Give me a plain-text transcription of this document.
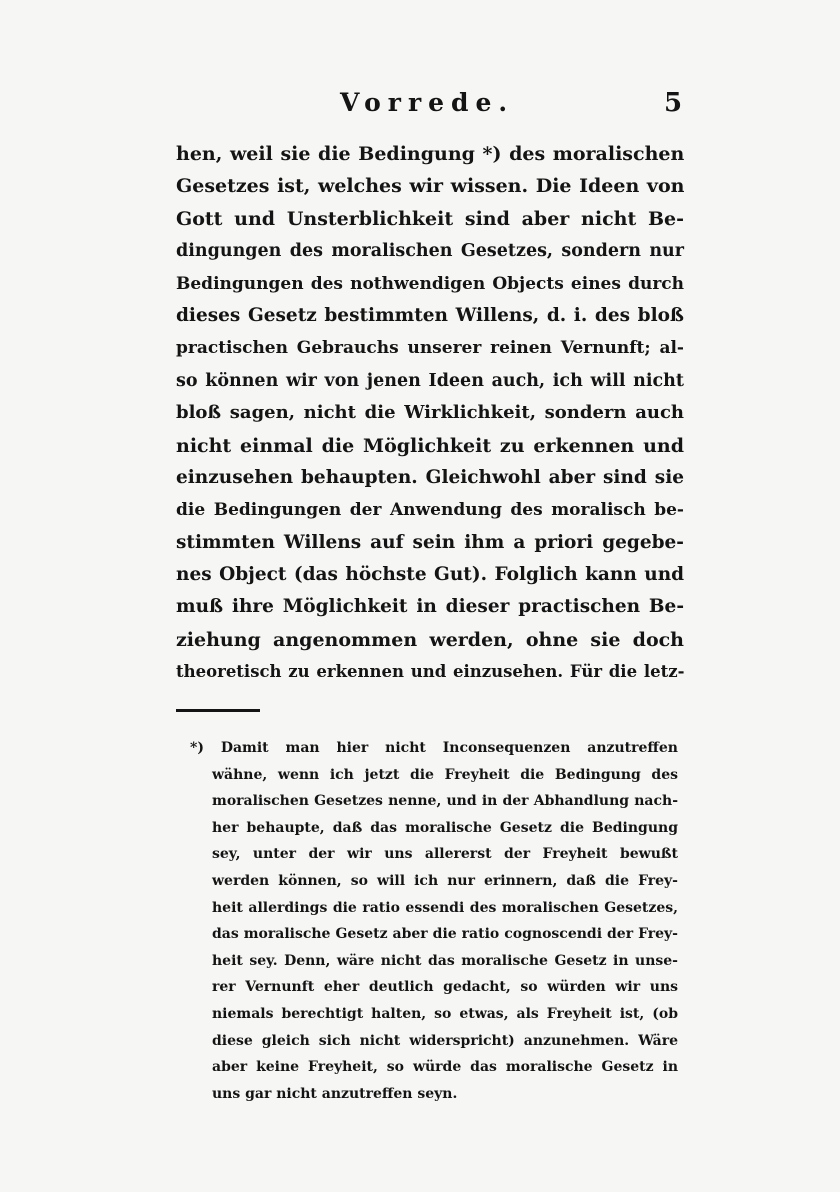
Vorrede.	5
hen, weil sie die Bedingung *) des moralischen
Gesetzes ist, welches wir wissen. Die Ideen von
Gott und Unsterblichkeit sind aber nicht Be-
dingungen des moralischen Gesetzes, sondern nur
Bedingungen des nothwendigen Objects eines durch
dieses Gesetz bestimmten Willens, d. i. des bloß
practischen Gebrauchs unserer reinen Vernunft; al-
so können wir von jenen Ideen auch, ich will nicht
bloß sagen, nicht die Wirklichkeit, sondern auch
nicht einmal die Möglichkeit zu erkennen und
einzusehen behaupten. Gleichwohl aber sind sie
die Bedingungen der Anwendung des moralisch be-
stimmten Willens auf sein ihm a priori gegebe-
nes Object (das höchste Gut). Folglich kann und
muß ihre Möglichkeit in dieser practischen Be-
ziehung angenommen werden, ohne sie doch
theoretisch zu erkennen und einzusehen. Für die letz-
*) Damit man hier nicht Inconsequenzen anzutreffen
wähne, wenn ich jetzt die Freyheit die Bedingung des
moralischen Gesetzes nenne, und in der Abhandlung nach-
her behaupte, daß das moralische Gesetz die Bedingung
sey, unter der wir uns allererst der Freyheit bewußt
werden können, so will ich nur erinnern, daß die Frey-
heit allerdings die ratio essendi des moralischen Gesetzes,
das moralische Gesetz aber die ratio cognoscendi der Frey-
heit sey. Denn, wäre nicht das moralische Gesetz in unse-
rer Vernunft eher deutlich gedacht, so würden wir uns
niemals berechtigt halten, so etwas, als Freyheit ist, (ob
diese gleich sich nicht widerspricht) anzunehmen. Wäre
aber keine Freyheit, so würde das moralische Gesetz in
uns gar nicht anzutreffen seyn.
